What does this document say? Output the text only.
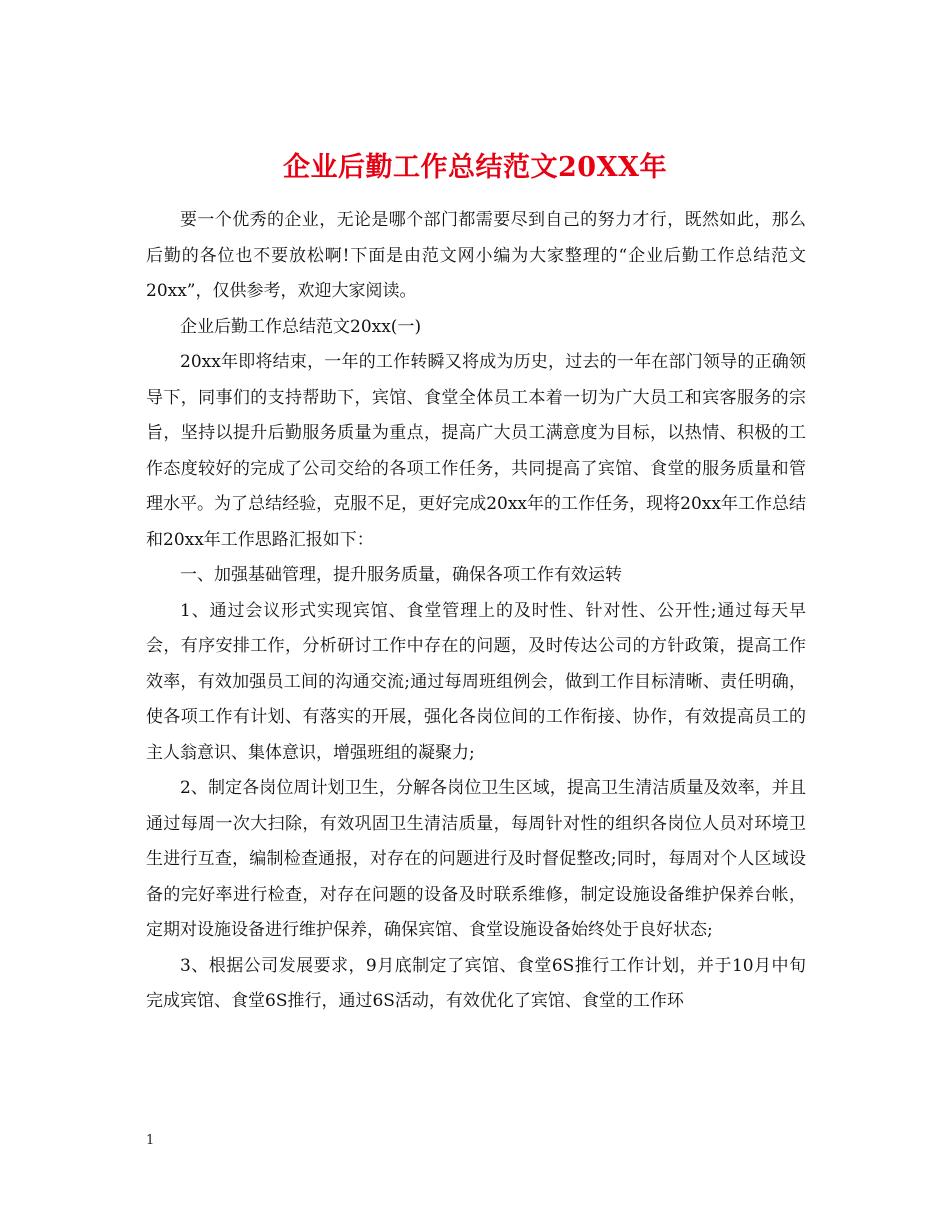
企业后勤工作总结范文20XX年

要一个优秀的企业，无论是哪个部门都需要尽到自己的努力才行，既然如此，那么后勤的各位也不要放松啊!下面是由范文网小编为大家整理的“企业后勤工作总结范文20xx”，仅供参考，欢迎大家阅读。

企业后勤工作总结范文20xx(一)

20xx年即将结束，一年的工作转瞬又将成为历史，过去的一年在部门领导的正确领导下，同事们的支持帮助下，宾馆、食堂全体员工本着一切为广大员工和宾客服务的宗旨，坚持以提升后勤服务质量为重点，提高广大员工满意度为目标，以热情、积极的工作态度较好的完成了公司交给的各项工作任务，共同提高了宾馆、食堂的服务质量和管理水平。为了总结经验，克服不足，更好完成20xx年的工作任务，现将20xx年工作总结和20xx年工作思路汇报如下：

一、加强基础管理，提升服务质量，确保各项工作有效运转

1、通过会议形式实现宾馆、食堂管理上的及时性、针对性、公开性;通过每天早会，有序安排工作，分析研讨工作中存在的问题，及时传达公司的方针政策，提高工作效率，有效加强员工间的沟通交流;通过每周班组例会，做到工作目标清晰、责任明确，使各项工作有计划、有落实的开展，强化各岗位间的工作衔接、协作，有效提高员工的主人翁意识、集体意识，增强班组的凝聚力;

2、制定各岗位周计划卫生，分解各岗位卫生区域，提高卫生清洁质量及效率，并且通过每周一次大扫除，有效巩固卫生清洁质量，每周针对性的组织各岗位人员对环境卫生进行互查，编制检查通报，对存在的问题进行及时督促整改;同时，每周对个人区域设备的完好率进行检查，对存在问题的设备及时联系维修，制定设施设备维护保养台帐，定期对设施设备进行维护保养，确保宾馆、食堂设施设备始终处于良好状态;

3、根据公司发展要求，9月底制定了宾馆、食堂6S推行工作计划，并于10月中旬完成宾馆、食堂6S推行，通过6S活动，有效优化了宾馆、食堂的工作环

1
